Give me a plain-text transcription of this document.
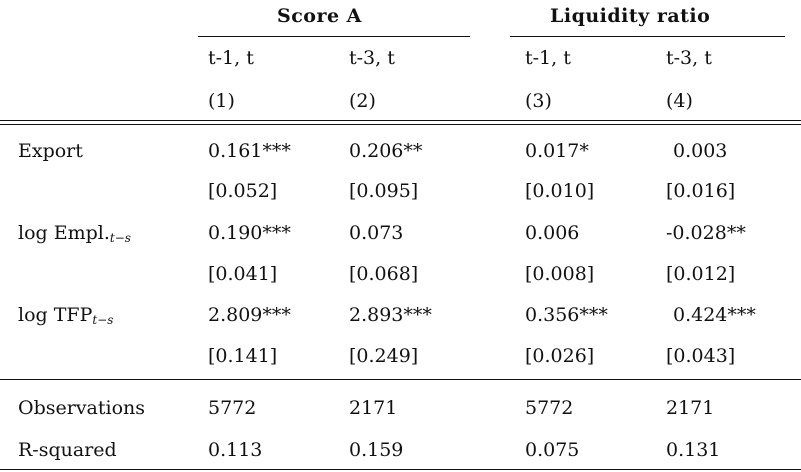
Score A	Liquidity ratio
t-1, t	t-3, t	t-1, t	t-3, t
(1)	(2)	(3)	(4)
Export	0.161***	0.206**	0.017*	0.003
[0.052]	[0.095]	[0.010]	[0.016]
$\log Empl._{t-s}$	0.190***	0.073	0.006	-0.028**
[0.041]	[0.068]	[0.008]	[0.012]
$\log TFP_{t-s}$	2.809***	2.893***	0.356***	0.424***
[0.141]	[0.249]	[0.026]	[0.043]
Observations	5772	2171	5772	2171
R-squared	0.113	0.159	0.075	0.131
